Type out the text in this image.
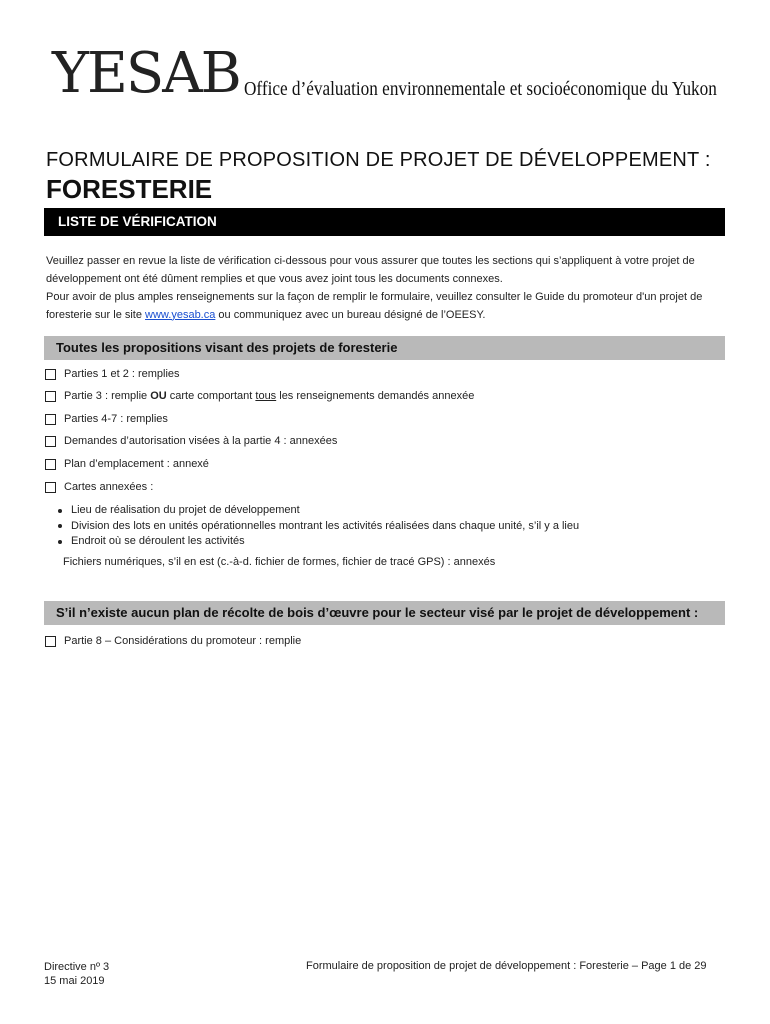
YESAB Office d’évaluation environnementale et socioéconomique du Yukon
FORMULAIRE DE PROPOSITION DE PROJET DE DÉVELOPPEMENT :
FORESTERIE
LISTE DE VÉRIFICATION
Veuillez passer en revue la liste de vérification ci-dessous pour vous assurer que toutes les sections qui s’appliquent à votre projet de développement ont été dûment remplies et que vous avez joint tous les documents connexes.
Pour avoir de plus amples renseignements sur la façon de remplir le formulaire, veuillez consulter le Guide du promoteur d'un projet de foresterie sur le site www.yesab.ca ou communiquez avec un bureau désigné de l’OEESY.
Toutes les propositions visant des projets de foresterie
Parties 1 et 2 : remplies
Partie 3 : remplie
OU
carte comportant
tous
les renseignements demandés annexée
Parties 4-7 : remplies
Demandes d’autorisation visées à la partie 4 : annexées
Plan d’emplacement : annexé
Cartes annexées :
Lieu de réalisation du projet de développement
Division des lots en unités opérationnelles montrant les activités réalisées dans chaque unité, s’il y a lieu
Endroit où se déroulent les activités
Fichiers numériques, s’il en est (c.-à-d. fichier de formes, fichier de tracé GPS) : annexés
S’il n’existe aucun plan de récolte de bois d’œuvre pour le secteur visé par le projet de développement :
Partie 8 – Considérations du promoteur : remplie
Directive nº 3
15 mai 2019
Formulaire de proposition de projet de développement : Foresterie – Page 1 de 29
